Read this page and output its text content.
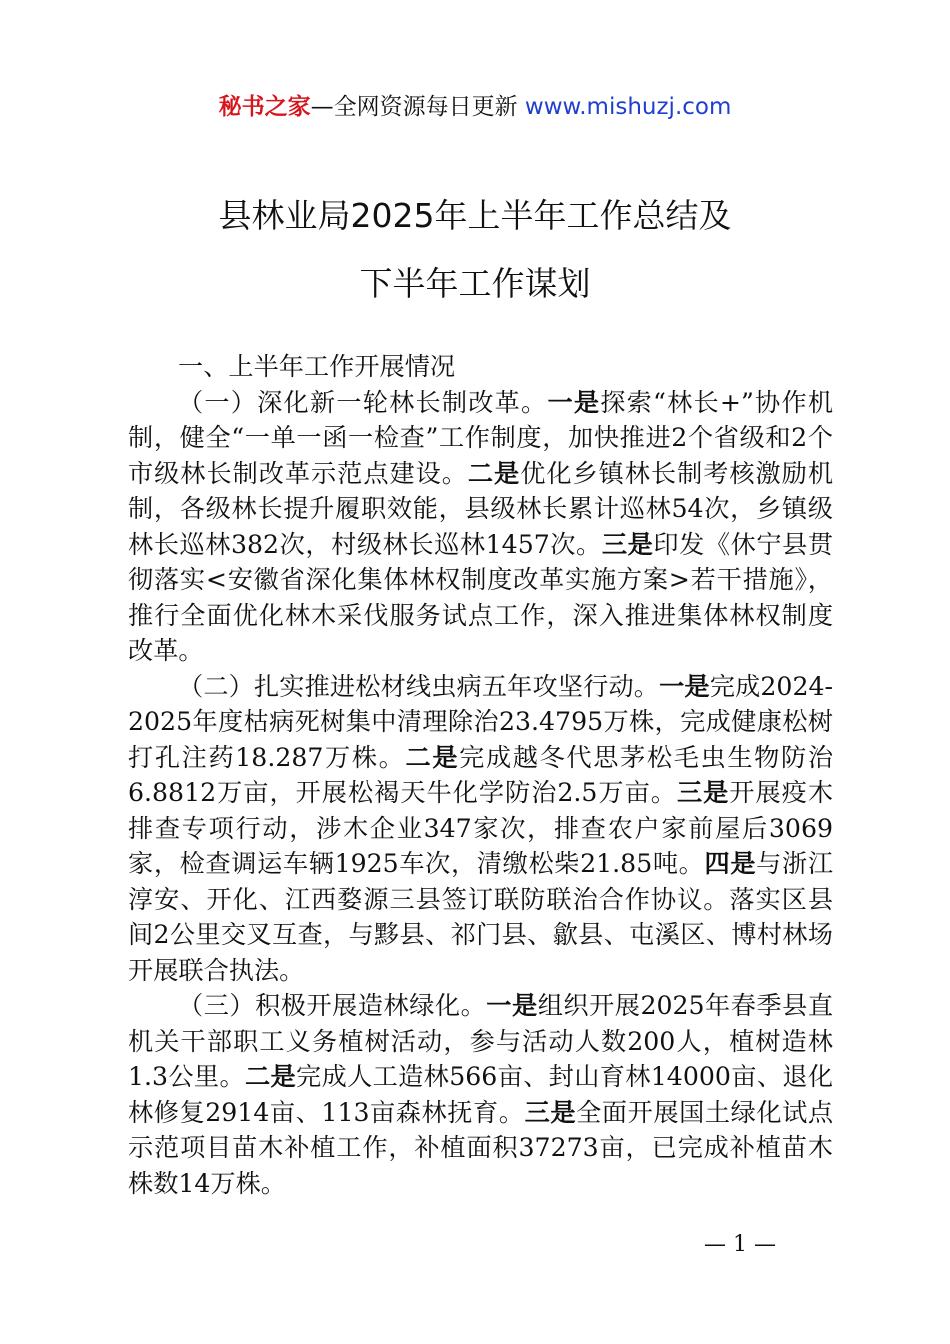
秘书之家—全网资源每日更新 www.mishuzj.com
县林业局2025年上半年工作总结及
下半年工作谋划

一、上半年工作开展情况

（一）深化新一轮林长制改革。一是探索“林长+”协作机制，健全“一单一函一检查”工作制度，加快推进2个省级和2个市级林长制改革示范点建设。二是优化乡镇林长制考核激励机制，各级林长提升履职效能，县级林长累计巡林54次，乡镇级林长巡林382次，村级林长巡林1457次。三是印发《休宁县贯彻落实<安徽省深化集体林权制度改革实施方案>若干措施》，推行全面优化林木采伐服务试点工作，深入推进集体林权制度改革。

（二）扎实推进松材线虫病五年攻坚行动。一是完成2024-2025年度枯病死树集中清理除治23.4795万株，完成健康松树打孔注药18.287万株。二是完成越冬代思茅松毛虫生物防治6.8812万亩，开展松褐天牛化学防治2.5万亩。三是开展疫木排查专项行动，涉木企业347家次，排查农户家前屋后3069家，检查调运车辆1925车次，清缴松柴21.85吨。四是与浙江淳安、开化、江西婺源三县签订联防联治合作协议。落实区县间2公里交叉互查，与黟县、祁门县、歙县、屯溪区、博村林场开展联合执法。

（三）积极开展造林绿化。一是组织开展2025年春季县直机关干部职工义务植树活动，参与活动人数200人，植树造林1.3公里。二是完成人工造林566亩、封山育林14000亩、退化林修复2914亩、113亩森林抚育。三是全面开展国土绿化试点示范项目苗木补植工作，补植面积37273亩，已完成补植苗木株数14万株。

— 1 —
